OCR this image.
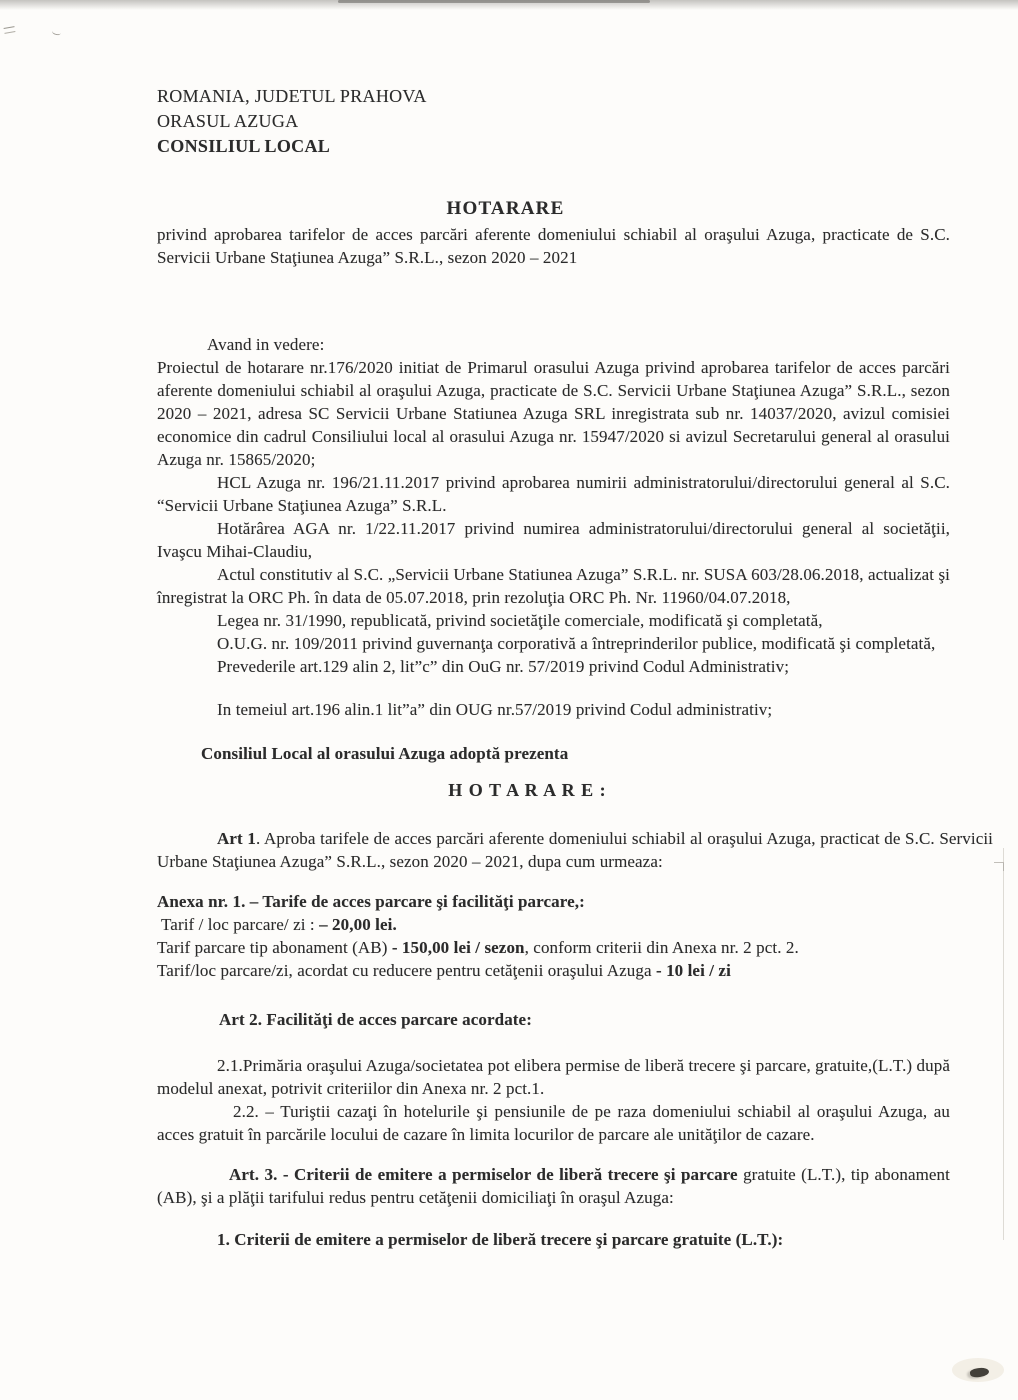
ROMANIA, JUDETUL PRAHOVA
ORASUL AZUGA
CONSILIUL LOCAL
HOTARARE

privind aprobarea tarifelor de acces parcări aferente domeniului schiabil al oraşului Azuga, practicate de S.C. Servicii Urbane Staţiunea Azuga” S.R.L., sezon 2020 – 2021

Avand in vedere:

Proiectul de hotarare nr.176/2020 initiat de Primarul orasului Azuga privind aprobarea tarifelor de acces parcări aferente domeniului schiabil al oraşului Azuga, practicate de S.C. Servicii Urbane Staţiunea Azuga” S.R.L., sezon 2020 – 2021, adresa SC Servicii Urbane Statiunea Azuga SRL inregistrata sub nr. 14037/2020, avizul comisiei economice din cadrul Consiliului local al orasului Azuga nr. 15947/2020 si avizul Secretarului general al orasului Azuga nr. 15865/2020;

HCL Azuga nr. 196/21.11.2017 privind aprobarea numirii administratorului/directorului general al S.C. “Servicii Urbane Staţiunea Azuga” S.R.L.

Hotărârea AGA nr. 1/22.11.2017 privind numirea administratorului/directorului general al societăţii, Ivaşcu Mihai-Claudiu,

Actul constitutiv al S.C. „Servicii Urbane Statiunea Azuga” S.R.L. nr. SUSA 603/28.06.2018, actualizat şi înregistrat la ORC Ph. în data de 05.07.2018, prin rezoluţia ORC Ph. Nr. 11960/04.07.2018,

Legea nr. 31/1990, republicată, privind societăţile comerciale, modificată şi completată,

O.U.G. nr. 109/2011 privind guvernanţa corporativă a întreprinderilor publice, modificată şi completată,

Prevederile art.129 alin 2, lit”c” din OuG nr. 57/2019 privind Codul Administrativ;

In temeiul art.196 alin.1 lit”a” din OUG nr.57/2019 privind Codul administrativ;

Consiliul Local al orasului Azuga adoptă prezenta

H O T A R A R E :

Art 1. Aproba tarifele de acces parcări aferente domeniului schiabil al oraşului Azuga, practicat de S.C. Servicii Urbane Staţiunea Azuga” S.R.L., sezon 2020 – 2021, dupa cum urmeaza:

Anexa nr. 1. – Tarife de acces parcare şi facilităţi parcare,:

Tarif / loc parcare/ zi : – 20,00 lei.

Tarif parcare tip abonament (AB) - 150,00 lei / sezon, conform criterii din Anexa nr. 2 pct. 2.

Tarif/loc parcare/zi, acordat cu reducere pentru cetăţenii oraşului Azuga - 10 lei / zi

Art 2. Facilităţi de acces parcare acordate:

2.1.Primăria oraşului Azuga/societatea pot elibera permise de liberă trecere şi parcare, gratuite,(L.T.) după modelul anexat, potrivit criteriilor din Anexa nr. 2 pct.1.

2.2. – Turiştii cazaţi în hotelurile şi pensiunile de pe raza domeniului schiabil al oraşului Azuga, au acces gratuit în parcările locului de cazare în limita locurilor de parcare ale unităţilor de cazare.

Art. 3. - Criterii de emitere a permiselor de liberă trecere şi parcare gratuite (L.T.), tip abonament (AB), şi a plăţii tarifului redus pentru cetăţenii domiciliaţi în oraşul Azuga:

1. Criterii de emitere a permiselor de liberă trecere şi parcare gratuite (L.T.):
